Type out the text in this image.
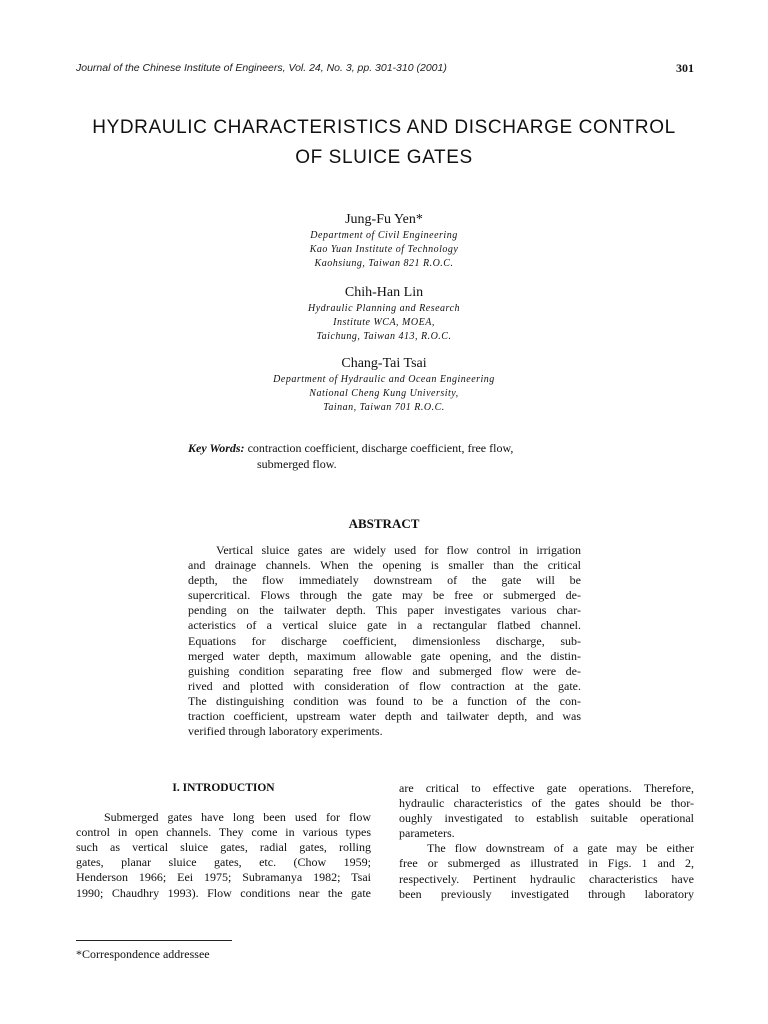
Journal of the Chinese Institute of Engineers, Vol. 24, No. 3, pp. 301-310 (2001)	301
HYDRAULIC CHARACTERISTICS AND DISCHARGE CONTROL
OF SLUICE GATES
Jung-Fu Yen*
Department of Civil Engineering
Kao Yuan Institute of Technology
Kaohsiung, Taiwan 821 R.O.C.
Chih-Han Lin
Hydraulic Planning and Research
Institute WCA, MOEA,
Taichung, Taiwan 413, R.O.C.
Chang-Tai Tsai
Department of Hydraulic and Ocean Engineering
National Cheng Kung University,
Tainan, Taiwan 701 R.O.C.
Key Words: contraction coefficient, discharge coefficient, free flow,
submerged flow.
ABSTRACT
Vertical sluice gates are widely used for flow control in irrigation
and drainage channels. When the opening is smaller than the critical
depth, the flow immediately downstream of the gate will be
supercritical. Flows through the gate may be free or submerged de-
pending on the tailwater depth. This paper investigates various char-
acteristics of a vertical sluice gate in a rectangular flatbed channel.
Equations for discharge coefficient, dimensionless discharge, sub-
merged water depth, maximum allowable gate opening, and the distin-
guishing condition separating free flow and submerged flow were de-
rived and plotted with consideration of flow contraction at the gate.
The distinguishing condition was found to be a function of the con-
traction coefficient, upstream water depth and tailwater depth, and was
verified through laboratory experiments.
I. INTRODUCTION
Submerged gates have long been used for flow
control in open channels. They come in various types
such as vertical sluice gates, radial gates, rolling
gates, planar sluice gates, etc. (Chow 1959;
Henderson 1966; Eei 1975; Subramanya 1982; Tsai
1990; Chaudhry 1993). Flow conditions near the gate
are critical to effective gate operations. Therefore,
hydraulic characteristics of the gates should be thor-
oughly investigated to establish suitable operational
parameters.
The flow downstream of a gate may be either
free or submerged as illustrated in Figs. 1 and 2,
respectively. Pertinent hydraulic characteristics have
been previously investigated through laboratory
*Correspondence addressee
